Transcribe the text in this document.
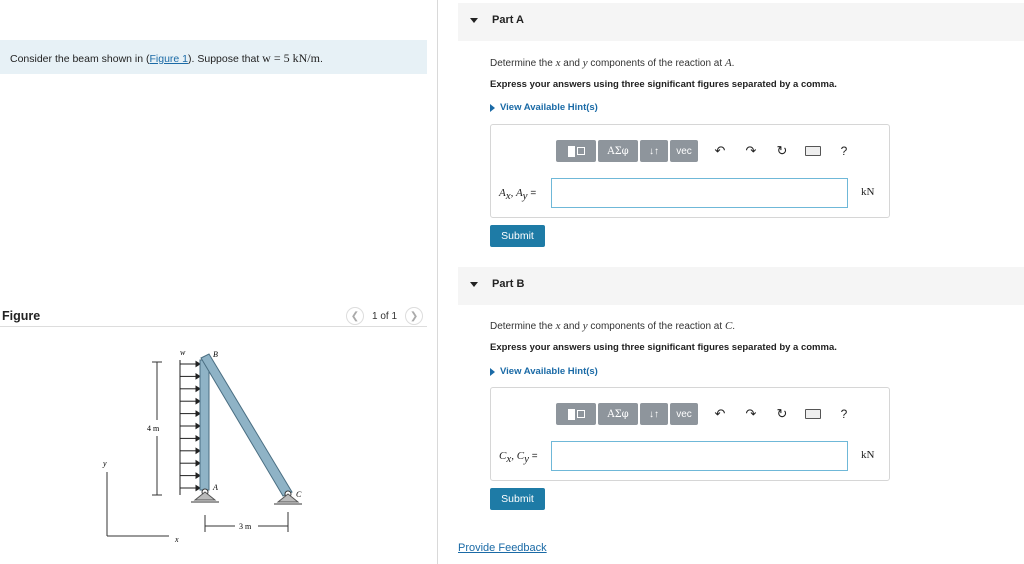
Consider the beam shown in (Figure 1). Suppose that w = 5 kN/m.
Figure	❮	1 of 1	❯
4 m
3 m
w	B
A
C
y
x
Part A
Determine the x and y components of the reaction at A.
Express your answers using three significant figures separated by a comma.
View Available Hint(s)
ΑΣφ	↓↑	vec	↶	↷	↻	?
$A_x$, $A_y$ =	kN
Submit
Part B
Determine the x and y components of the reaction at C.
Express your answers using three significant figures separated by a comma.
View Available Hint(s)
ΑΣφ	↓↑	vec	↶	↷	↻	?
$C_x$, $C_y$ =	kN
Submit
Provide Feedback
